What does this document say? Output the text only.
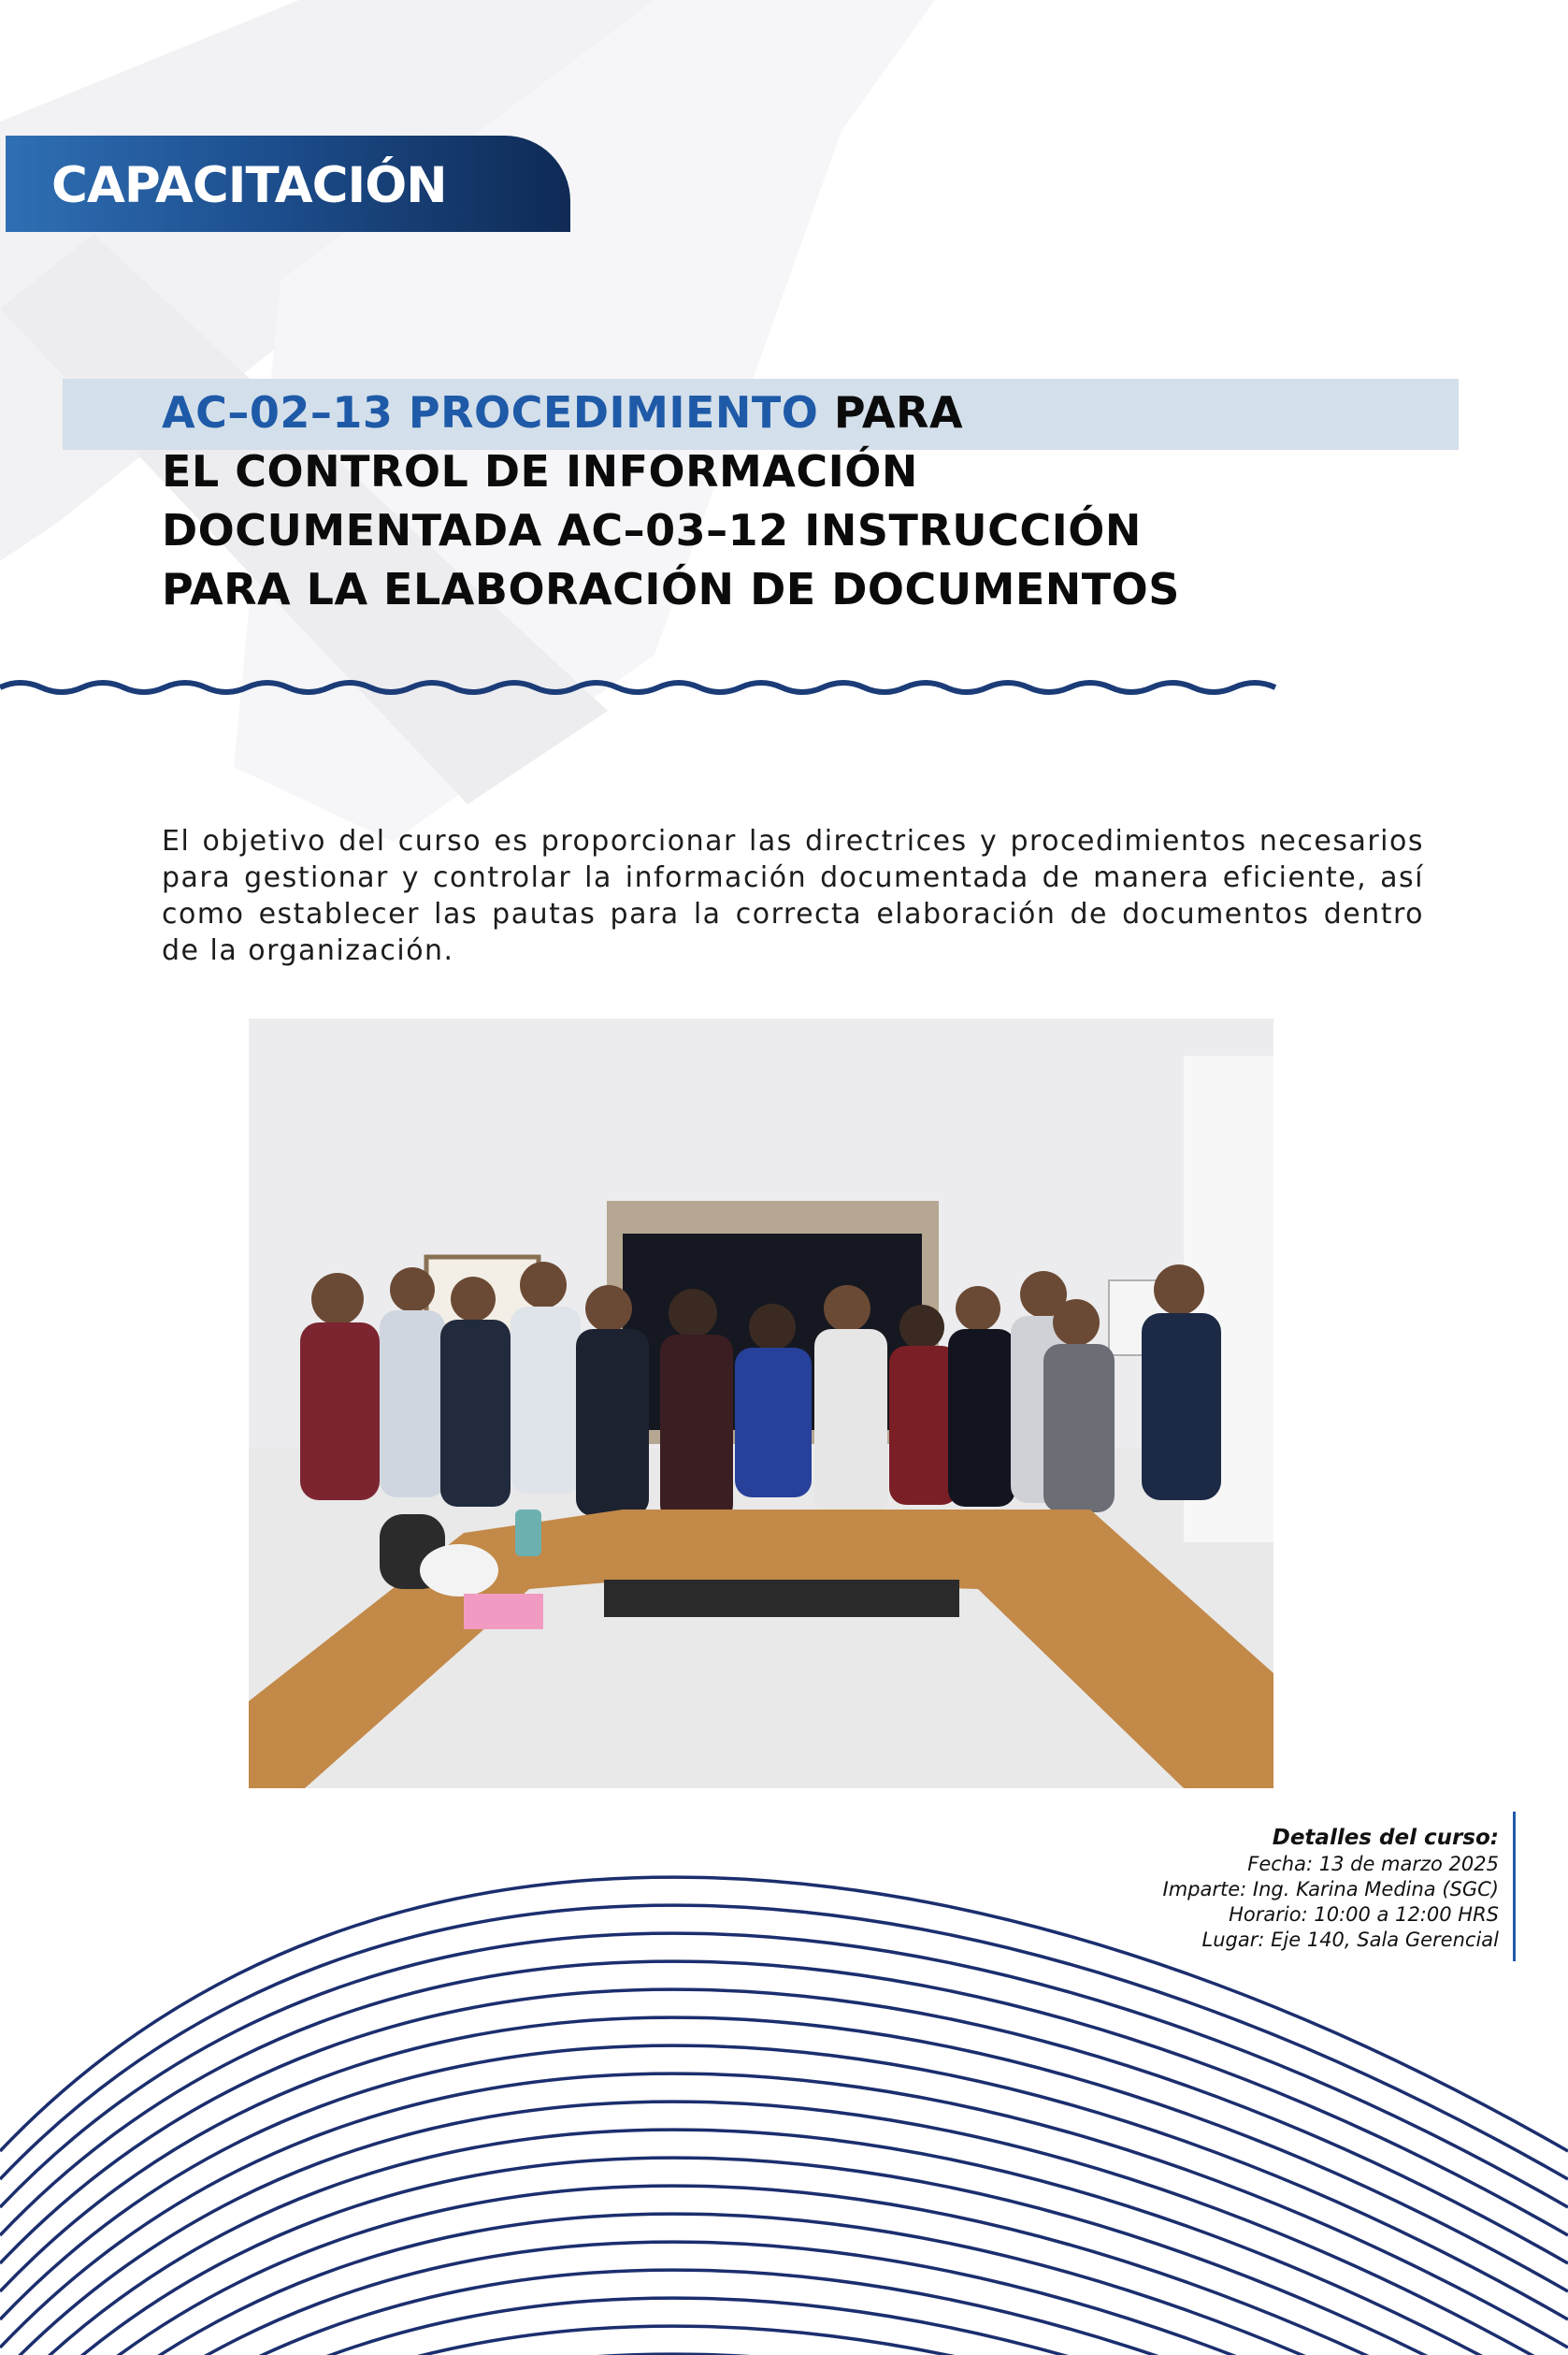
CAPACITACIÓN
AC–02–13 PROCEDIMIENTO PARA
EL CONTROL DE INFORMACIÓN
DOCUMENTADA AC–03–12 INSTRUCCIÓN
PARA LA ELABORACIÓN DE DOCUMENTOS

El objetivo del curso es proporcionar las directrices y procedimientos necesarios para gestionar y controlar la información documentada de manera eficiente, así como establecer las pautas para la correcta elaboración de documentos dentro de la organización.

Detalles del curso:
Fecha: 13 de marzo 2025
Imparte: Ing. Karina Medina (SGC)
Horario: 10:00 a 12:00 HRS
Lugar: Eje 140, Sala Gerencial
